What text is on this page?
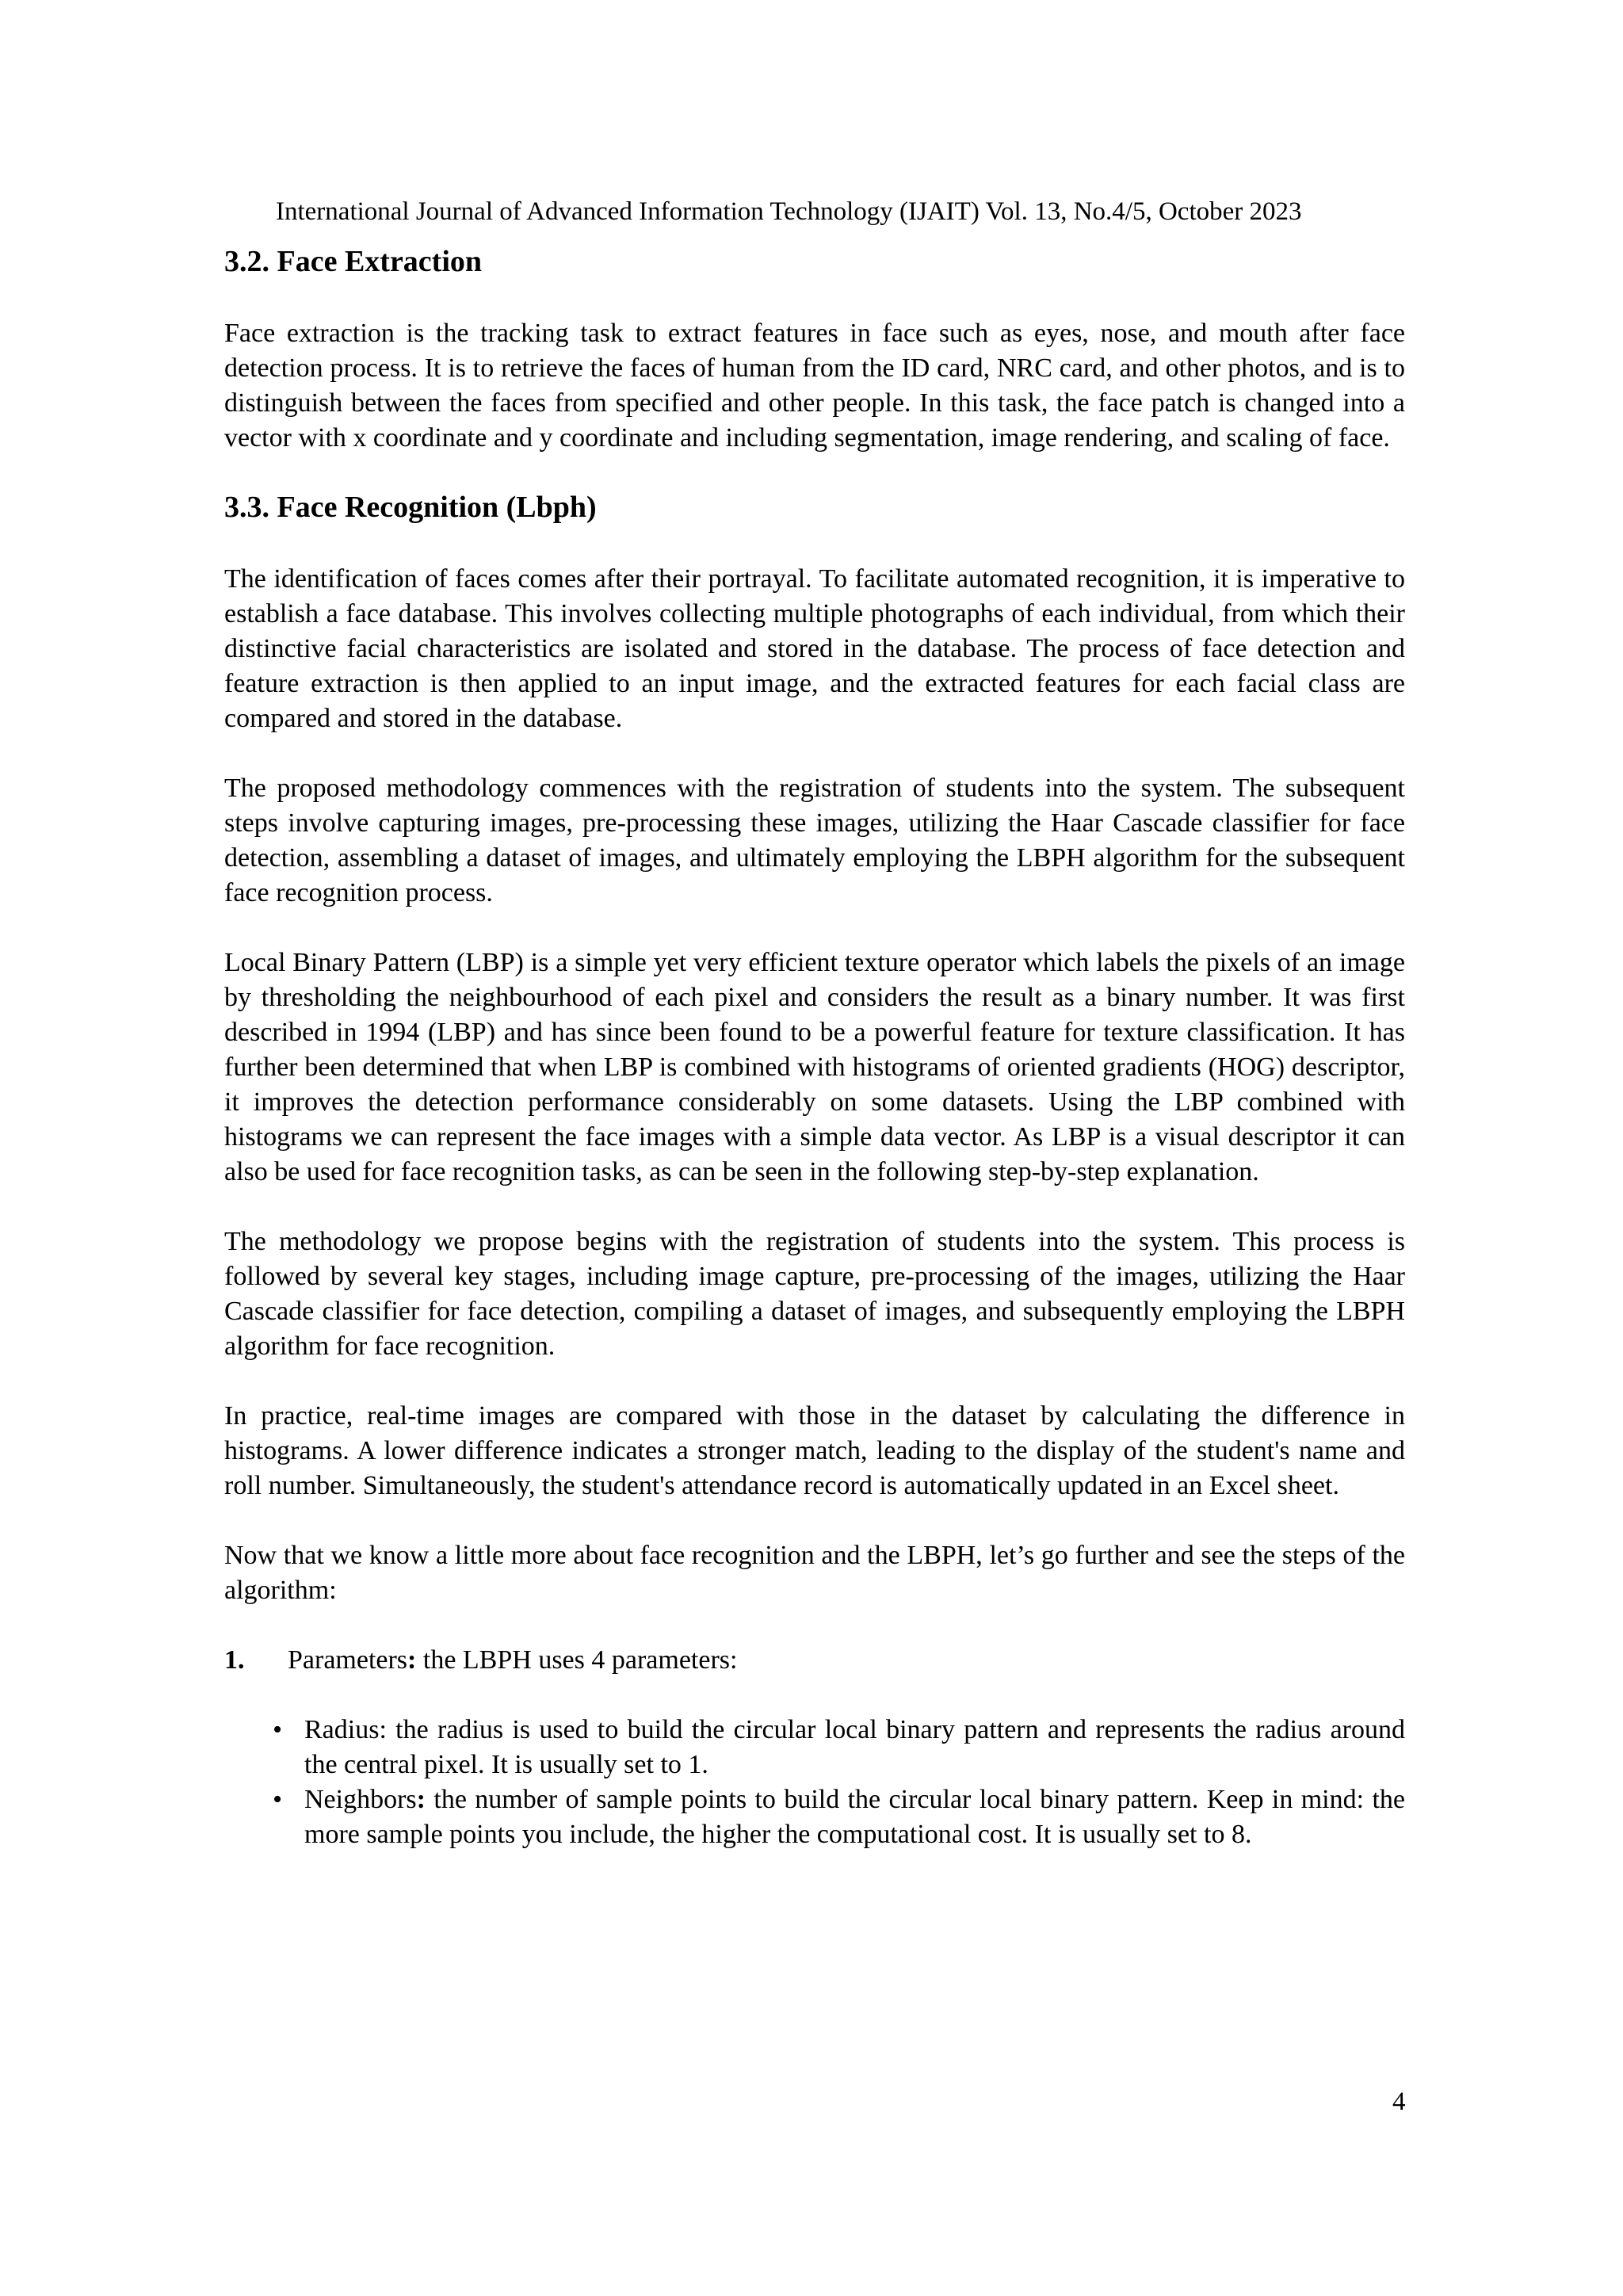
International Journal of Advanced Information Technology (IJAIT) Vol. 13, No.4/5, October 2023
3.2. Face Extraction

Face extraction is the tracking task to extract features in face such as eyes, nose, and mouth after face detection process. It is to retrieve the faces of human from the ID card, NRC card, and other photos, and is to distinguish between the faces from specified and other people. In this task, the face patch is changed into a vector with x coordinate and y coordinate and including segmentation, image rendering, and scaling of face.

3.3. Face Recognition (Lbph)

The identification of faces comes after their portrayal. To facilitate automated recognition, it is imperative to establish a face database. This involves collecting multiple photographs of each individual, from which their distinctive facial characteristics are isolated and stored in the database. The process of face detection and feature extraction is then applied to an input image, and the extracted features for each facial class are compared and stored in the database.

The proposed methodology commences with the registration of students into the system. The subsequent steps involve capturing images, pre-processing these images, utilizing the Haar Cascade classifier for face detection, assembling a dataset of images, and ultimately employing the LBPH algorithm for the subsequent face recognition process.

Local Binary Pattern (LBP) is a simple yet very efficient texture operator which labels the pixels of an image by thresholding the neighbourhood of each pixel and considers the result as a binary number. It was first described in 1994 (LBP) and has since been found to be a powerful feature for texture classification. It has further been determined that when LBP is combined with histograms of oriented gradients (HOG) descriptor, it improves the detection performance considerably on some datasets. Using the LBP combined with histograms we can represent the face images with a simple data vector. As LBP is a visual descriptor it can also be used for face recognition tasks, as can be seen in the following step-by-step explanation.

The methodology we propose begins with the registration of students into the system. This process is followed by several key stages, including image capture, pre-processing of the images, utilizing the Haar Cascade classifier for face detection, compiling a dataset of images, and subsequently employing the LBPH algorithm for face recognition.

In practice, real-time images are compared with those in the dataset by calculating the difference in histograms. A lower difference indicates a stronger match, leading to the display of the student's name and roll number. Simultaneously, the student's attendance record is automatically updated in an Excel sheet.

Now that we know a little more about face recognition and the LBPH, let’s go further and see the steps of the algorithm:

1.	Parameters: the LBPH uses 4 parameters:
• Radius: the radius is used to build the circular local binary pattern and represents the radius around the central pixel. It is usually set to 1.
• Neighbors: the number of sample points to build the circular local binary pattern. Keep in mind: the more sample points you include, the higher the computational cost. It is usually set to 8.
4
